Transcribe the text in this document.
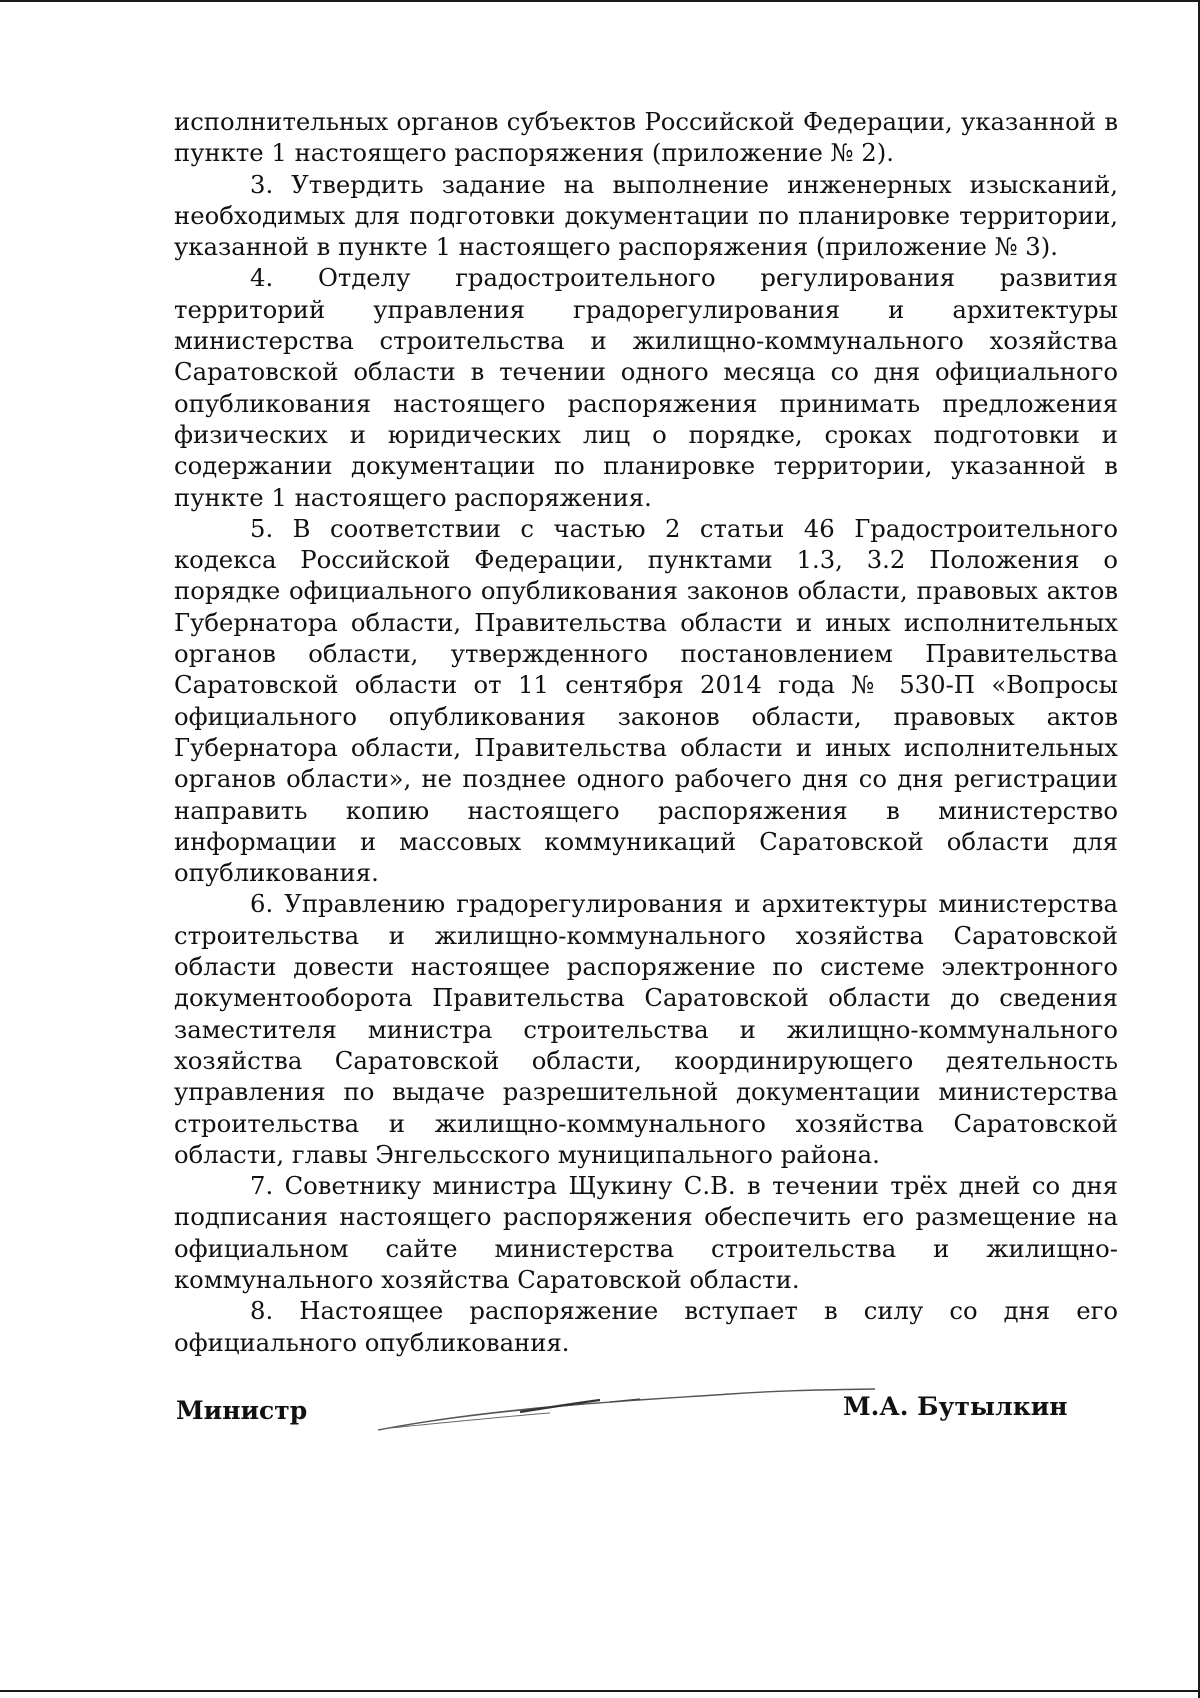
исполнительных органов субъектов Российской Федерации, указанной в пункте 1 настоящего распоряжения (приложение № 2).

3. Утвердить задание на выполнение инженерных изысканий, необходимых для подготовки документации по планировке территории, указанной в пункте 1 настоящего распоряжения (приложение № 3).

4. Отделу градостроительного регулирования развития территорий управления градорегулирования и архитектуры министерства строительства и жилищно-коммунального хозяйства Саратовской области в течении одного месяца со дня официального опубликования настоящего распоряжения принимать предложения физических и юридических лиц о порядке, сроках подготовки и содержании документации по планировке территории, указанной в пункте 1 настоящего распоряжения.

5. В соответствии с частью 2 статьи 46 Градостроительного кодекса Российской Федерации, пунктами 1.3, 3.2 Положения о порядке официального опубликования законов области, правовых актов Губернатора области, Правительства области и иных исполнительных органов области, утвержденного постановлением Правительства Саратовской области от 11 сентября 2014 года № 530-П «Вопросы официального опубликования законов области, правовых актов Губернатора области, Правительства области и иных исполнительных органов области», не позднее одного рабочего дня со дня регистрации направить копию настоящего распоряжения в министерство информации и массовых коммуникаций Саратовской области для опубликования.

6. Управлению градорегулирования и архитектуры министерства строительства и жилищно-коммунального хозяйства Саратовской области довести настоящее распоряжение по системе электронного документооборота Правительства Саратовской области до сведения заместителя министра строительства и жилищно-коммунального хозяйства Саратовской области, координирующего деятельность управления по выдаче разрешительной документации министерства строительства и жилищно-коммунального хозяйства Саратовской области, главы Энгельсского муниципального района.

7. Советнику министра Щукину С.В. в течении трёх дней со дня подписания настоящего распоряжения обеспечить его размещение на официальном сайте министерства строительства и жилищно-коммунального хозяйства Саратовской области.

8. Настоящее распоряжение вступает в силу со дня его официального опубликования.

Министр	М.А. Бутылкин
